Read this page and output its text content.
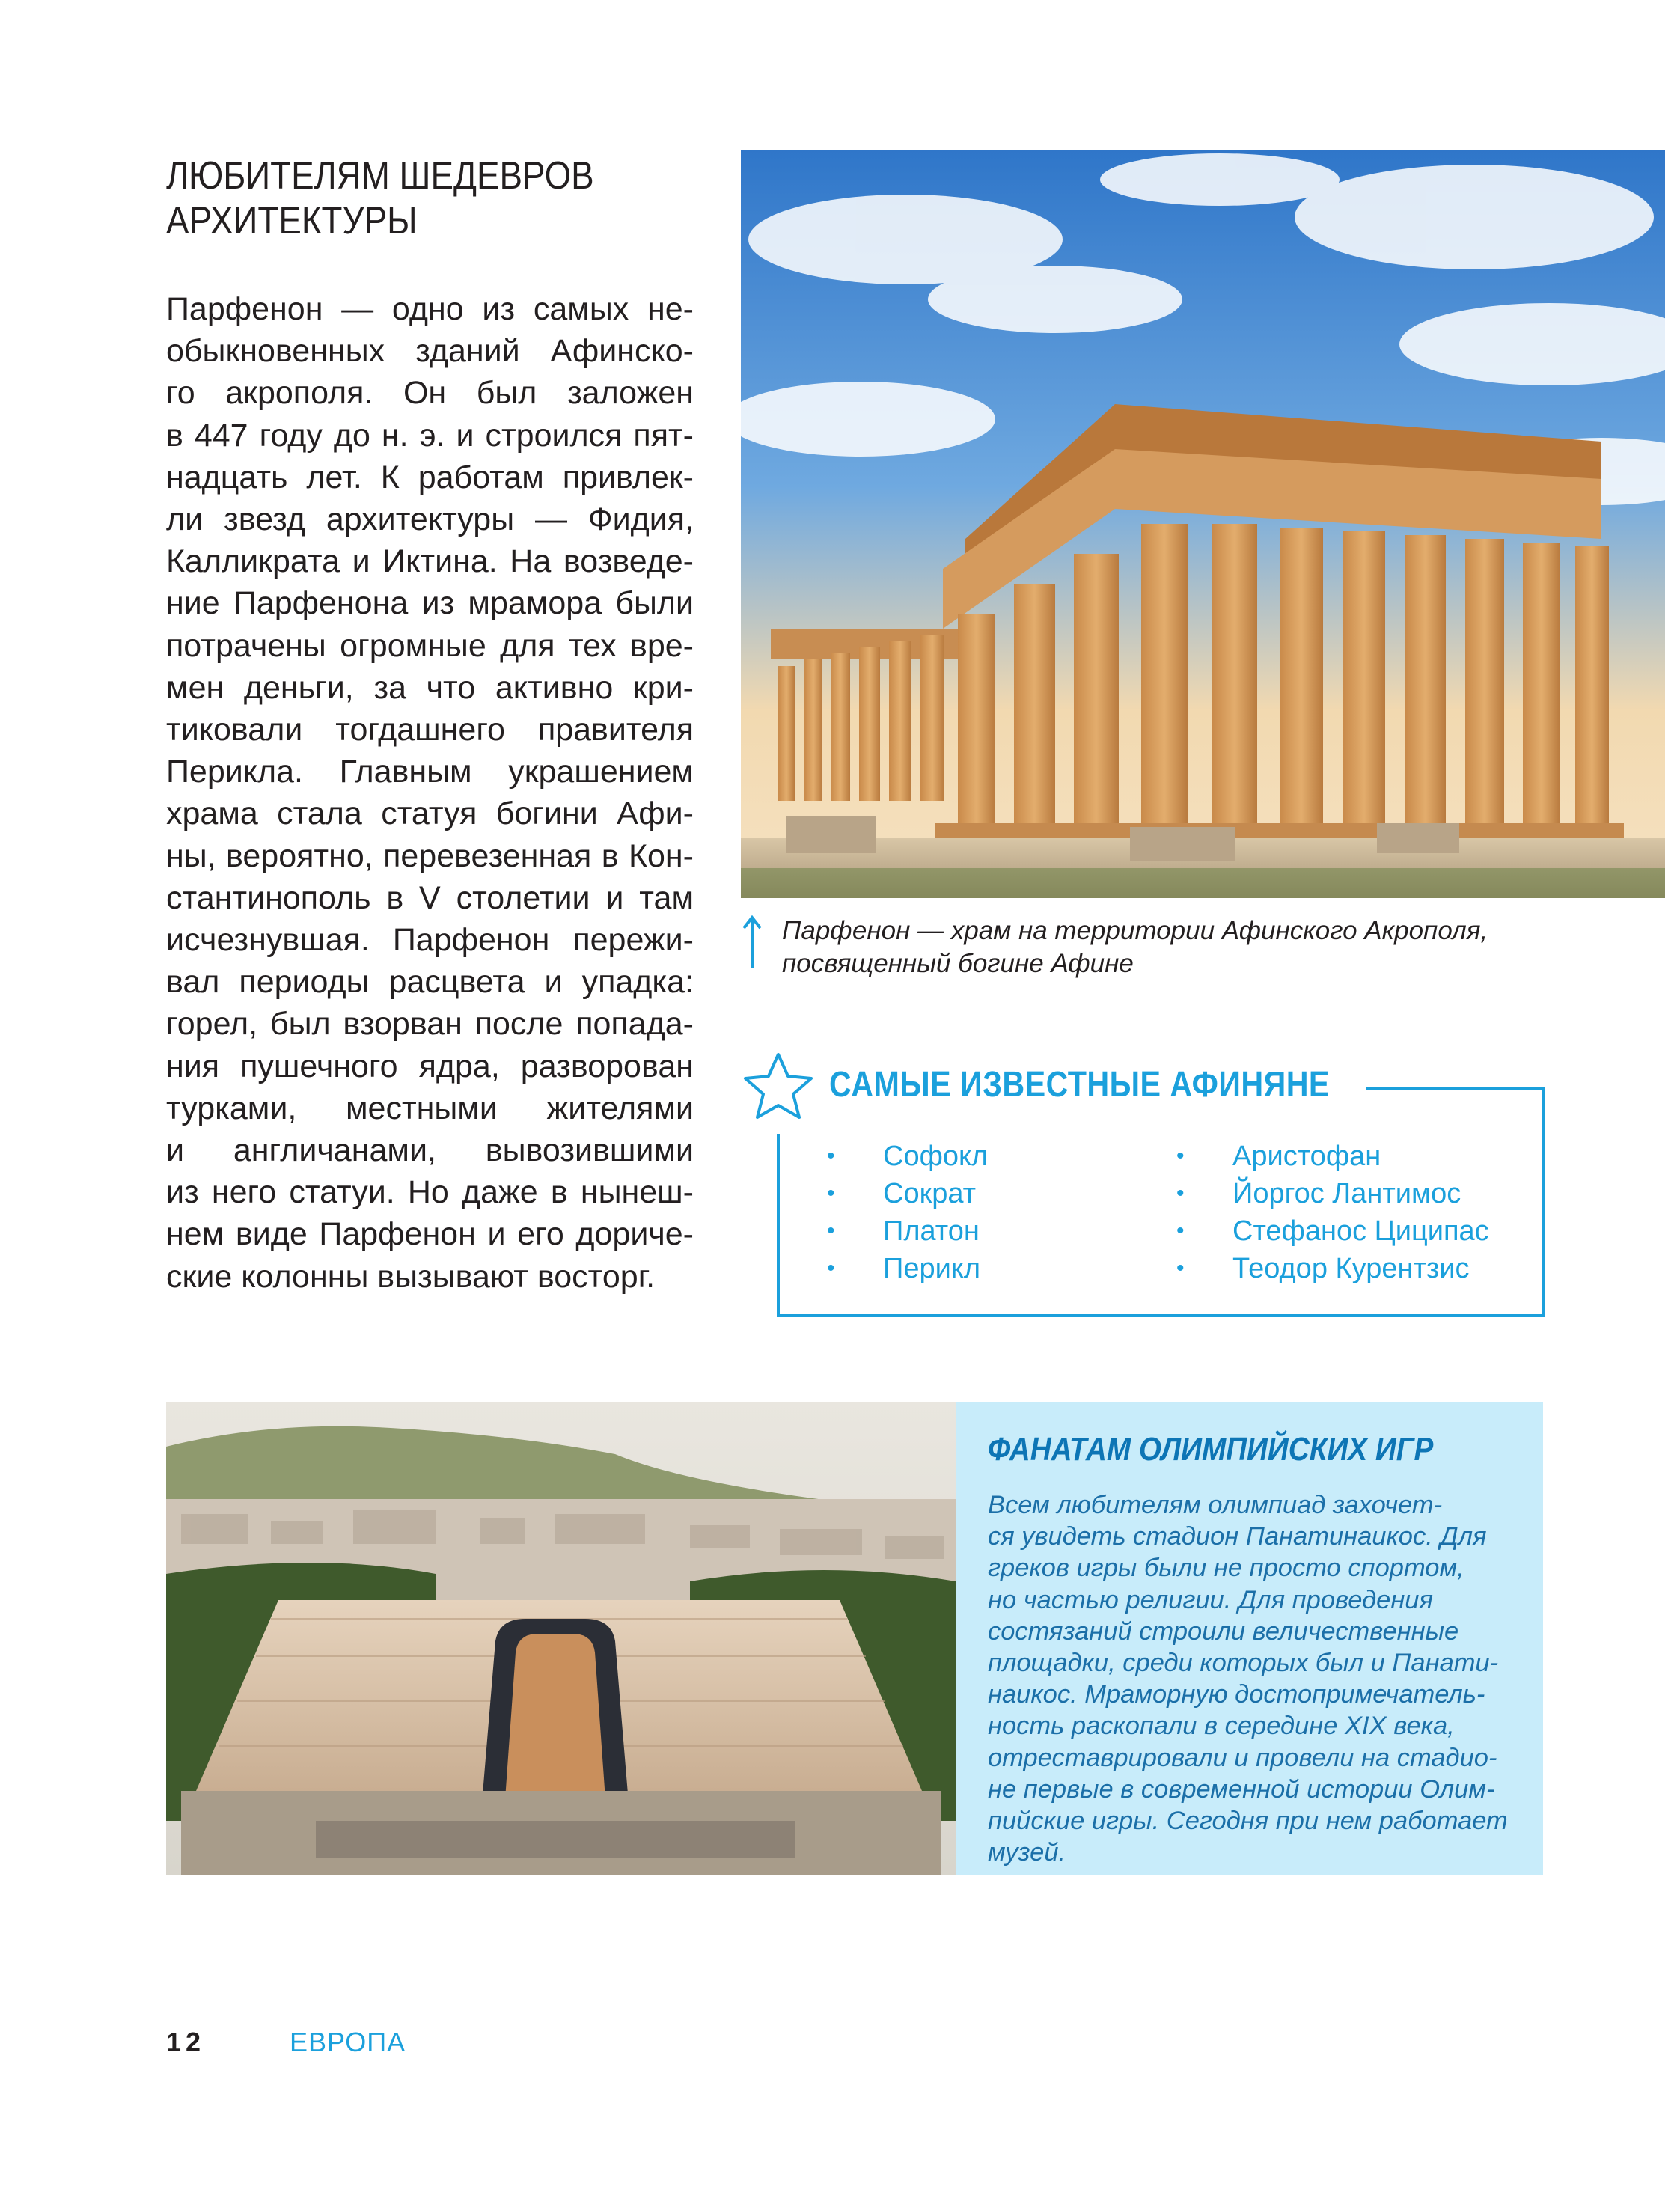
ЛЮБИТЕЛЯМ ШЕДЕВРОВ
АРХИТЕКТУРЫ
Парфенон — одно из самых не-
обыкновенных зданий Афинско-
го акрополя. Он был заложен
в 447 году до н. э. и строился пят-
надцать лет. К работам привлек-
ли звезд архитектуры — Фидия,
Калликрата и Иктина. На возведе-
ние Парфенона из мрамора были
потрачены огромные для тех вре-
мен деньги, за что активно кри-
тиковали тогдашнего правителя
Перикла. Главным украшением
храма стала статуя богини Афи-
ны, вероятно, перевезенная в Кон-
стантинополь в V столетии и там
исчезнувшая. Парфенон пережи-
вал периоды расцвета и упадка:
горел, был взорван после попада-
ния пушечного ядра, разворован
турками, местными жителями
и англичанами, вывозившими
из него статуи. Но даже в нынеш-
нем виде Парфенон и его дориче-
ские колонны вызывают восторг.
Парфенон — храм на территории Афинского Акрополя,
посвященный богине Афине
САМЫЕ ИЗВЕСТНЫЕ АФИНЯНЕ
• Софокл
• Сократ
• Платон
• Перикл
• Аристофан
• Йоргос Лантимос
• Стефанос Циципас
• Теодор Курентзис
ФАНАТАМ ОЛИМПИЙСКИХ ИГР
Всем любителям олимпиад захочет-
ся увидеть стадион Панатинаикос. Для
греков игры были не просто спортом,
но частью религии. Для проведения
состязаний строили величественные
площадки, среди которых был и Панати-
наикос. Мраморную достопримечатель-
ность раскопали в середине XIX века,
отреставрировали и провели на стадио-
не первые в современной истории Олим-
пийские игры. Сегодня при нем работает
музей.
12	ЕВРОПА
